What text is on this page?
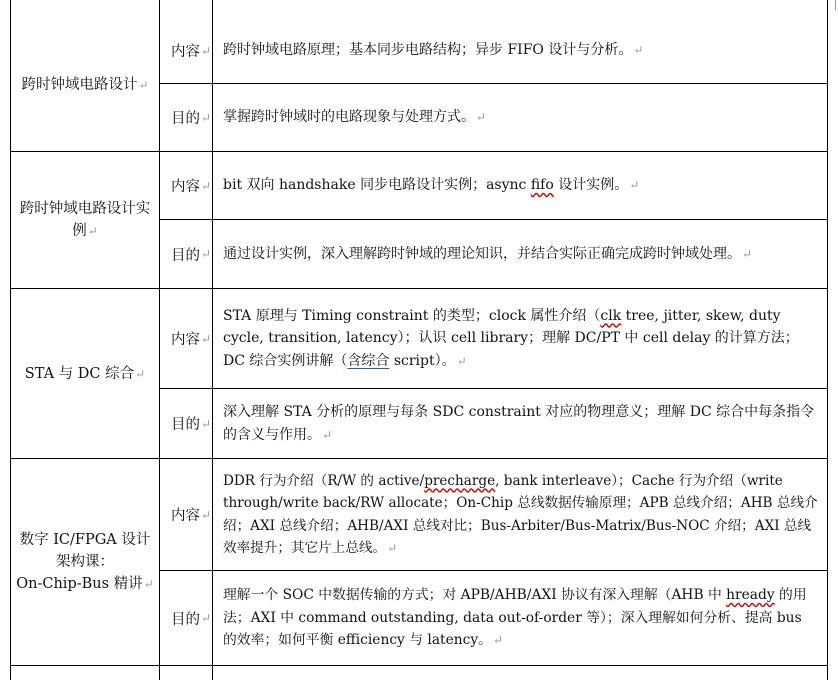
跨时钟域电路设计↵
内容 ↵ 跨时钟域电路原理；基本同步电路结构；异步 FIFO 设计与分析。↵
目的 ↵ 掌握跨时钟域时的电路现象与处理方式。↵
跨时钟域电路设计实例↵
内容 ↵ bit 双向 handshake 同步电路设计实例；async fifo 设计实例。↵
目的 ↵ 通过设计实例，深入理解跨时钟域的理论知识，并结合实际正确完成跨时钟域处理。↵
STA 与 DC 综合↵
内容 ↵
STA 原理与 Timing constraint 的类型；clock 属性介绍（clk tree, jitter, skew, duty cycle, transition, latency）；认识 cell library；理解 DC/PT 中 cell delay 的计算方法；DC 综合实例讲解（含综合 script）。↵
目的 ↵
深入理解 STA 分析的原理与每条 SDC constraint 对应的物理意义；理解 DC 综合中每条指令的含义与作用。↵
数字 IC/FPGA 设计架构课：
On-Chip-Bus 精讲↵
内容 ↵
DDR 行为介绍（R/W 的 active/precharge, bank interleave）；Cache 行为介绍（write through/write back/RW allocate；On-Chip 总线数据传输原理；APB 总线介绍；AHB 总线介绍；AXI 总线介绍；AHB/AXI 总线对比；Bus-Arbiter/Bus-Matrix/Bus-NOC 介绍；AXI 总线效率提升；其它片上总线。↵
目的 ↵
理解一个 SOC 中数据传输的方式；对 APB/AHB/AXI 协议有深入理解（AHB 中 hready 的用法；AXI 中 command outstanding, data out-of-order 等）；深入理解如何分析、提高 bus 的效率；如何平衡 efficiency 与 latency。↵
